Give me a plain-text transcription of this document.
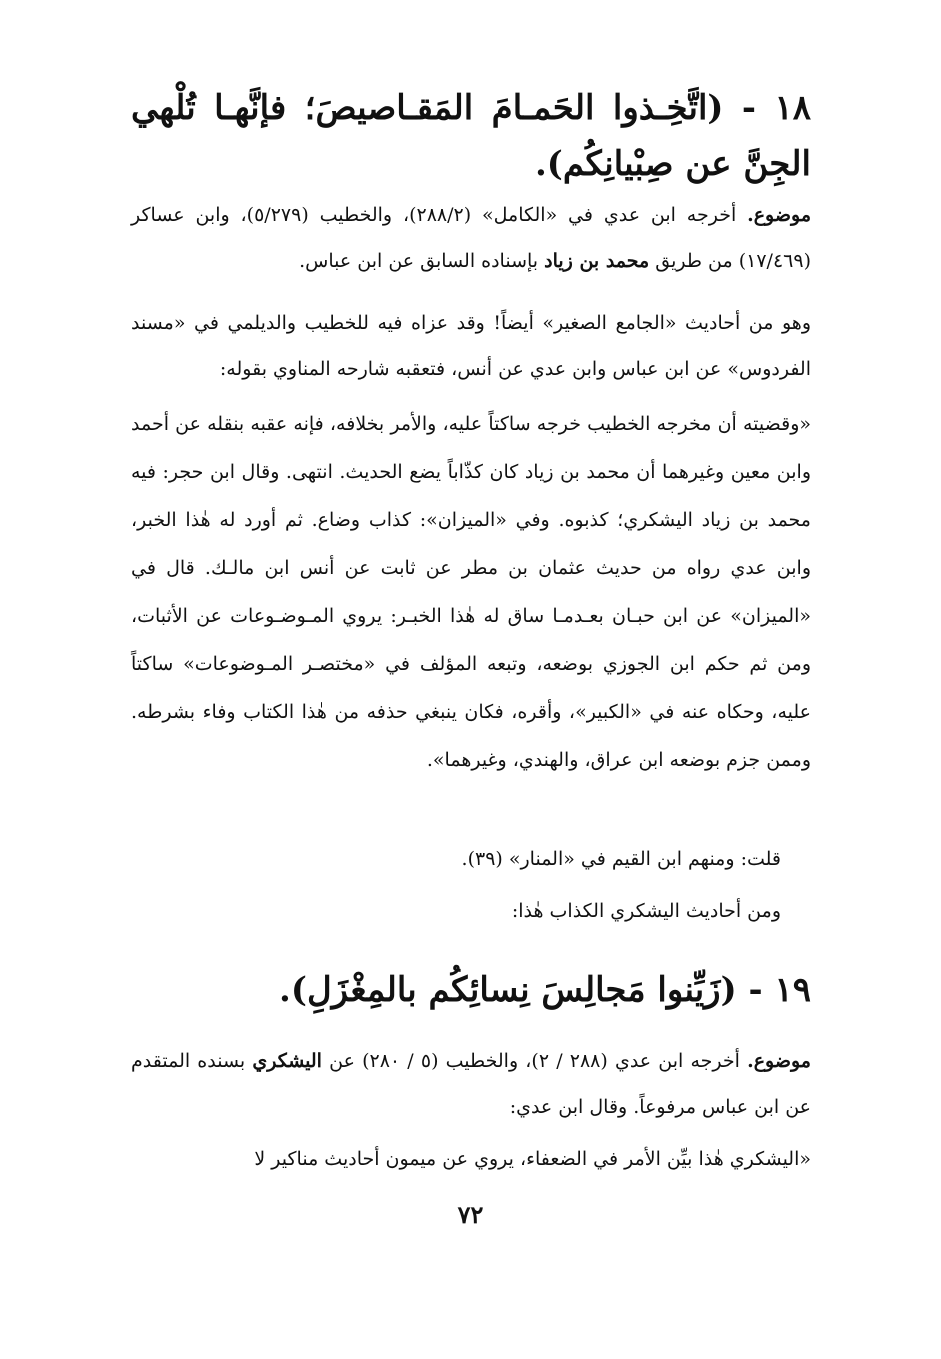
١٨ - (اتَّخِـذوا الحَمـامَ المَقـاصيصَ؛ فإنَّهـا تُلْهي الجِنَّ عن صِبْيانِكُم).
موضوع. أخرجه ابن عدي في «الكامل» (٢٨٨/٢)، والخطيب (٥/٢٧٩)، وابن عساكر (١٧/٤٦٩) من طريق محمد بن زياد بإسناده السابق عن ابن عباس.
وهو من أحاديث «الجامع الصغير» أيضاً! وقد عزاه فيه للخطيب والديلمي في «مسند الفردوس» عن ابن عباس وابن عدي عن أنس، فتعقبه شارحه المناوي بقوله:
«وقضيته أن مخرجه الخطيب خرجه ساكتاً عليه، والأمر بخلافه، فإنه عقبه بنقله عن أحمد وابن معين وغيرهما أن محمد بن زياد كان كذّاباً يضع الحديث. انتهى. وقال ابن حجر: فيه محمد بن زياد اليشكري؛ كذبوه. وفي «الميزان»: كذاب وضاع. ثم أورد له هٰذا الخبر، وابن عدي رواه من حديث عثمان بن مطر عن ثابت عن أنس ابن مالـك. قال في «الميزان» عن ابن حبـان بعـدمـا ساق له هٰذا الخبـر: يروي المـوضـوعات عن الأثبات، ومن ثم حكم ابن الجوزي بوضعه، وتبعه المؤلف في «مختصـر المـوضوعات» ساكتاً عليه، وحكاه عنه في «الكبير»، وأقره، فكان ينبغي حذفه من هٰذا الكتاب وفاء بشرطه. وممن جزم بوضعه ابن عراق، والهندي، وغيرهما».
قلت: ومنهم ابن القيم في «المنار» (٣٩).
ومن أحاديث اليشكري الكذاب هٰذا:
١٩ - (زَيِّنوا مَجالِسَ نِسائِكُم بالمِغْزَلِ).
موضوع. أخرجه ابن عدي (٢٨٨ / ٢)، والخطيب (٥ / ٢٨٠) عن اليشكري بسنده المتقدم عن ابن عباس مرفوعاً. وقال ابن عدي:
«اليشكري هٰذا بيِّن الأمر في الضعفاء، يروي عن ميمون أحاديث مناكير لا
٧٢
